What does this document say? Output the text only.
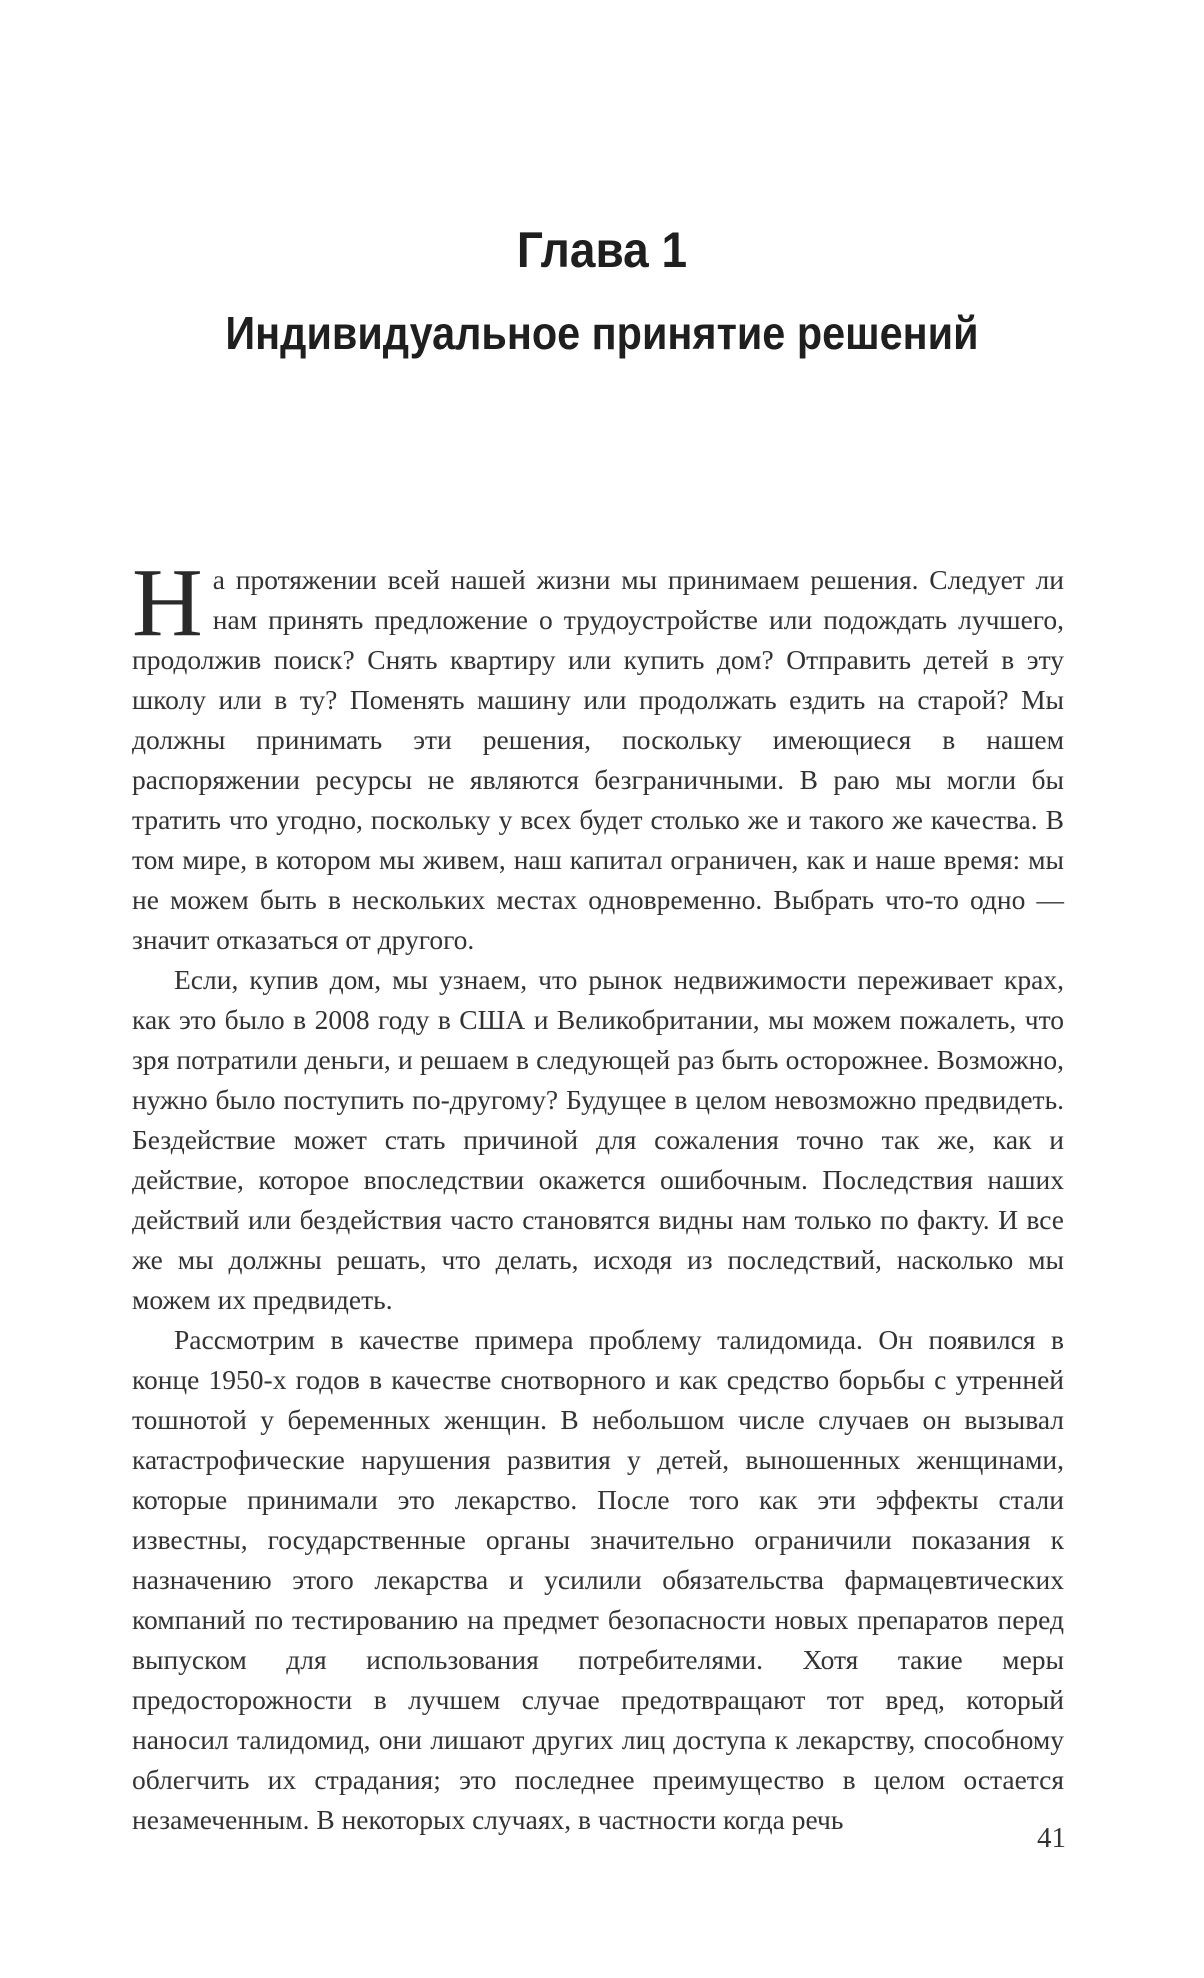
Глава 1
Индивидуальное принятие решений

На протяжении всей нашей жизни мы принимаем решения. Следует ли нам принять предложение о трудоустройстве или подождать лучшего, продолжив поиск? Снять квартиру или купить дом? Отправить детей в эту школу или в ту? Поменять машину или продолжать ездить на старой? Мы должны принимать эти решения, поскольку имеющиеся в нашем распоряжении ресурсы не являются безграничными. В раю мы могли бы тратить что угодно, поскольку у всех будет столько же и такого же качества. В том мире, в котором мы живем, наш капитал ограничен, как и наше время: мы не можем быть в нескольких местах одновременно. Выбрать что-то одно — значит отказаться от другого.

Если, купив дом, мы узнаем, что рынок недвижимости переживает крах, как это было в 2008 году в США и Великобритании, мы можем пожалеть, что зря потратили деньги, и решаем в следующей раз быть осторожнее. Возможно, нужно было поступить по-другому? Будущее в целом невозможно предвидеть. Бездействие может стать причиной для сожаления точно так же, как и действие, которое впоследствии окажется ошибочным. Последствия наших действий или бездействия часто становятся видны нам только по факту. И все же мы должны решать, что делать, исходя из последствий, насколько мы можем их предвидеть.

Рассмотрим в качестве примера проблему талидомида. Он появился в конце 1950-х годов в качестве снотворного и как средство борьбы с утренней тошнотой у беременных женщин. В небольшом числе случаев он вызывал катастрофические нарушения развития у детей, выношенных женщинами, которые принимали это лекарство. После того как эти эффекты стали известны, государственные органы значительно ограничили показания к назначению этого лекарства и усилили обязательства фармацевтических компаний по тестированию на предмет безопасности новых препаратов перед выпуском для использования потребителями. Хотя такие меры предосторожности в лучшем случае предотвращают тот вред, который наносил талидомид, они лишают других лиц доступа к лекарству, способному облегчить их страдания; это последнее преимущество в целом остается незамеченным. В некоторых случаях, в частности когда речь

41
